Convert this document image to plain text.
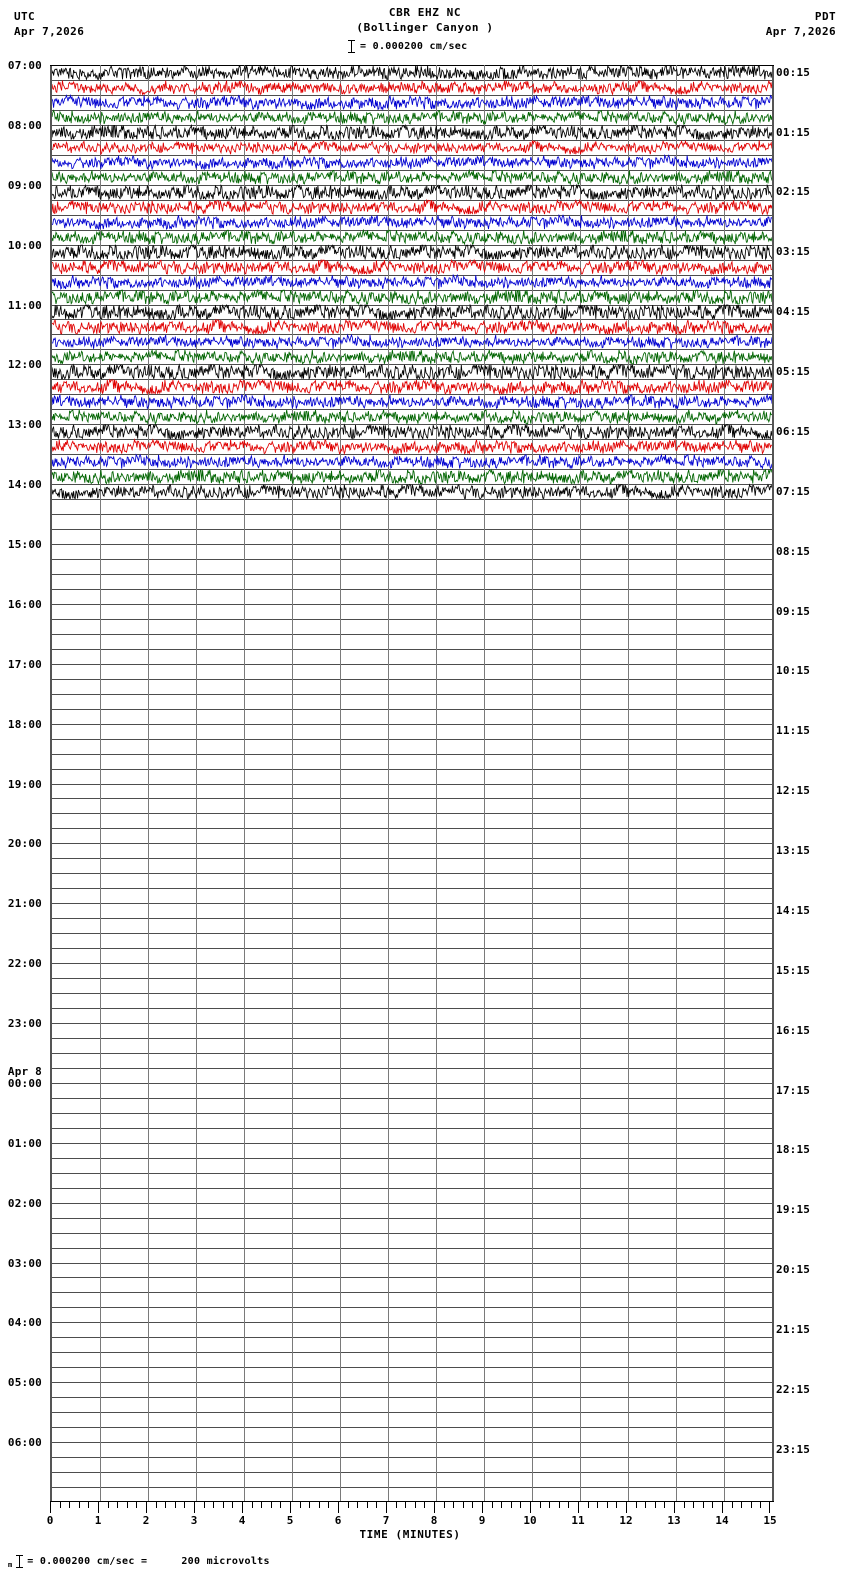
UTC
Apr 7,2026
CBR EHZ NC
(Bollinger Canyon )
PDT
Apr 7,2026
= 0.000200 cm/sec
07:00
08:00
09:00
10:00
11:00
12:00
13:00
14:00
15:00
16:00
17:00
18:00
19:00
20:00
21:00
22:00
23:00
00:00
01:00
02:00
03:00
04:00
05:00
06:00
Apr 8
00:15
01:15
02:15
03:15
04:15
05:15
06:15
07:15
08:15
09:15
10:15
11:15
12:15
13:15
14:15
15:15
16:15
17:15
18:15
19:15
20:15
21:15
22:15
23:15
0	1	2	3	4	5	6	7	8	9	10	11	12	13	14	15
TIME (MINUTES)
m = 0.000200 cm/sec =	200 microvolts
